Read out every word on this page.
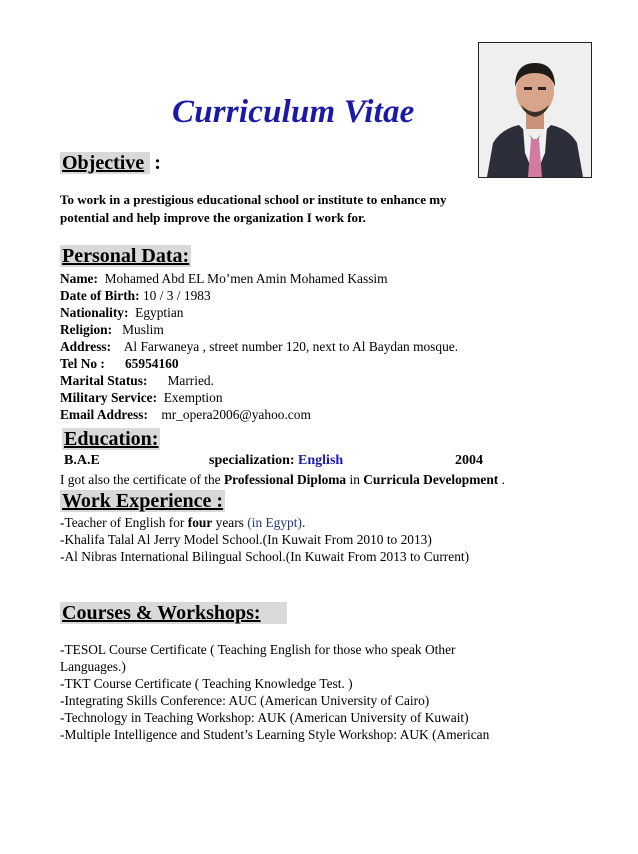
Curriculum Vitae
Objective :
To work in a prestigious educational school or institute to enhance my
potential and help improve the organization I work for.
Personal Data:
Name: Mohamed Abd EL Mo’men Amin Mohamed Kassim
Date of Birth: 10 / 3 / 1983
Nationality: Egyptian
Religion: Muslim
Address: Al Farwaneya , street number 120, next to Al Baydan mosque.
Tel No : 65954160
Marital Status: Married.
Military Service: Exemption
Email Address: mr_opera2006@yahoo.com
Education:
B.A.E	specialization: English	2004
I got also the certificate of the Professional Diploma in Curricula Development .
Work Experience :
-Teacher of English for four years (in Egypt).
-Khalifa Talal Al Jerry Model School.(In Kuwait From 2010 to 2013)
-Al Nibras International Bilingual School.(In Kuwait From 2013 to Current)
Courses & Workshops:
-TESOL Course Certificate ( Teaching English for those who speak Other
Languages.)
-TKT Course Certificate ( Teaching Knowledge Test. )
-Integrating Skills Conference: AUC (American University of Cairo)
-Technology in Teaching Workshop: AUK (American University of Kuwait)
-Multiple Intelligence and Student’s Learning Style Workshop: AUK (American
